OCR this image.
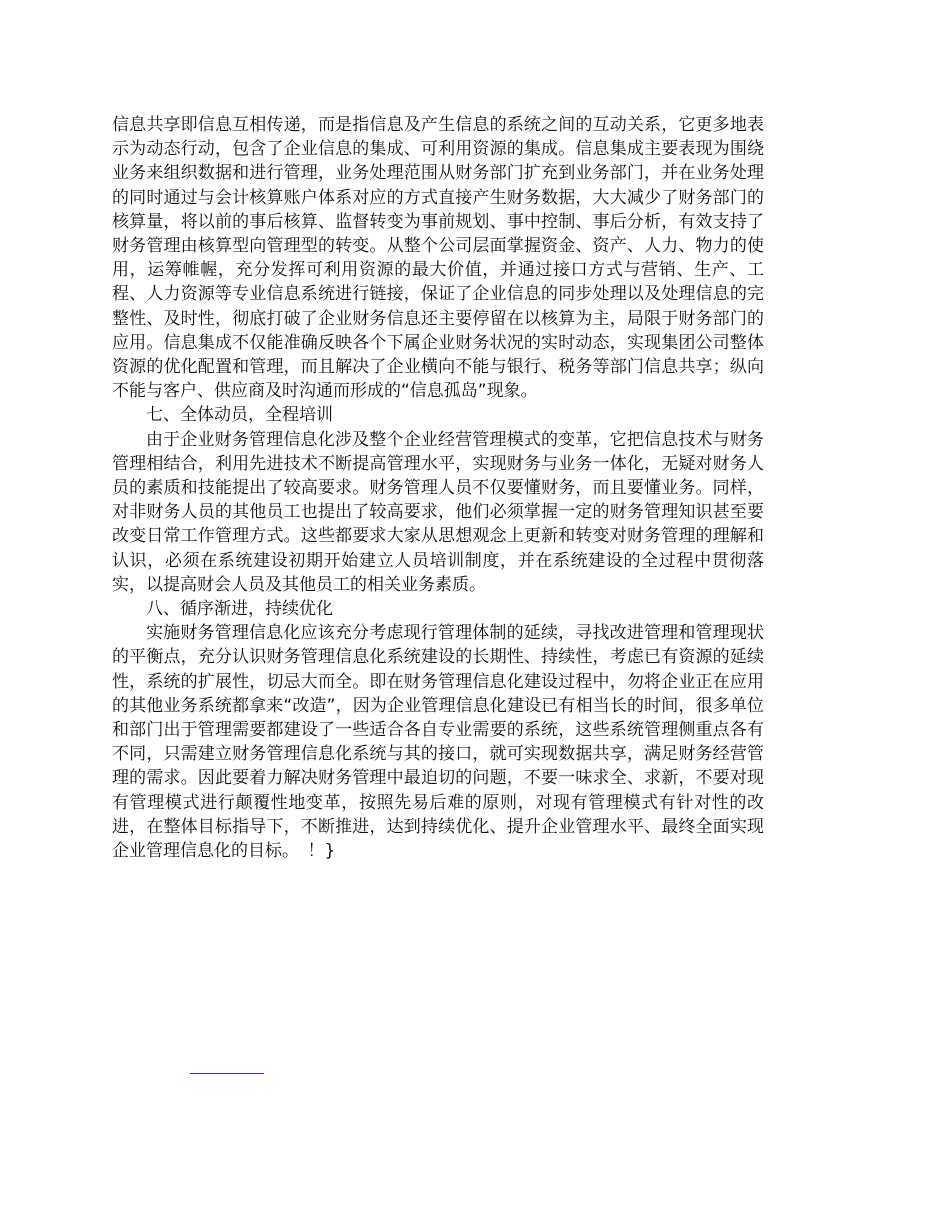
信息共享即信息互相传递，而是指信息及产生信息的系统之间的互动关系，它更多地表示为动态行动，包含了企业信息的集成、可利用资源的集成。信息集成主要表现为围绕业务来组织数据和进行管理，业务处理范围从财务部门扩充到业务部门，并在业务处理的同时通过与会计核算账户体系对应的方式直接产生财务数据，大大减少了财务部门的核算量，将以前的事后核算、监督转变为事前规划、事中控制、事后分析，有效支持了财务管理由核算型向管理型的转变。从整个公司层面掌握资金、资产、人力、物力的使用，运筹帷幄，充分发挥可利用资源的最大价值，并通过接口方式与营销、生产、工程、人力资源等专业信息系统进行链接，保证了企业信息的同步处理以及处理信息的完整性、及时性，彻底打破了企业财务信息还主要停留在以核算为主，局限于财务部门的应用。信息集成不仅能准确反映各个下属企业财务状况的实时动态，实现集团公司整体资源的优化配置和管理，而且解决了企业横向不能与银行、税务等部门信息共享；纵向不能与客户、供应商及时沟通而形成的“信息孤岛”现象。

七、全体动员，全程培训

由于企业财务管理信息化涉及整个企业经营管理模式的变革，它把信息技术与财务管理相结合，利用先进技术不断提高管理水平，实现财务与业务一体化，无疑对财务人员的素质和技能提出了较高要求。财务管理人员不仅要懂财务，而且要懂业务。同样，对非财务人员的其他员工也提出了较高要求，他们必须掌握一定的财务管理知识甚至要改变日常工作管理方式。这些都要求大家从思想观念上更新和转变对财务管理的理解和认识，必须在系统建设初期开始建立人员培训制度，并在系统建设的全过程中贯彻落实，以提高财会人员及其他员工的相关业务素质。

八、循序渐进，持续优化

实施财务管理信息化应该充分考虑现行管理体制的延续，寻找改进管理和管理现状的平衡点，充分认识财务管理信息化系统建设的长期性、持续性，考虑已有资源的延续性，系统的扩展性，切忌大而全。即在财务管理信息化建设过程中，勿将企业正在应用的其他业务系统都拿来“改造”，因为企业管理信息化建设已有相当长的时间，很多单位和部门出于管理需要都建设了一些适合各自专业需要的系统，这些系统管理侧重点各有不同，只需建立财务管理信息化系统与其的接口，就可实现数据共享，满足财务经营管理的需求。因此要着力解决财务管理中最迫切的问题，不要一味求全、求新，不要对现有管理模式进行颠覆性地变革，按照先易后难的原则，对现有管理模式有针对性的改进，在整体目标指导下，不断推进，达到持续优化、提升企业管理水平、最终全面实现企业管理信息化的目标。　！}
